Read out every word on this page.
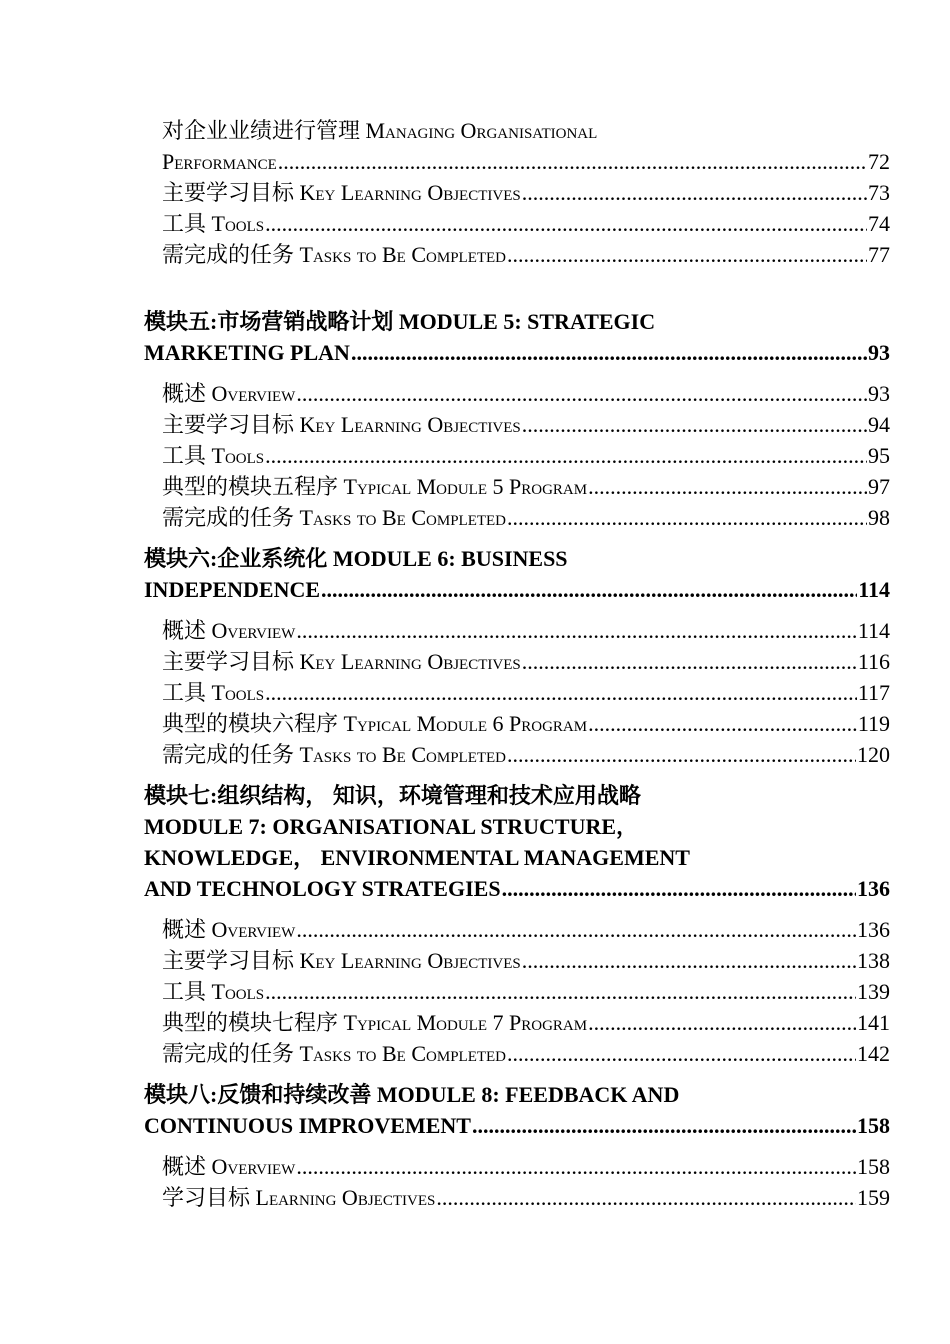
对企业业绩进行管理 Managing Organisational
Performance .....	72
主要学习目标 Key Learning Objectives .....	73
工具 Tools .....	74
需完成的任务 Tasks to Be Completed .....	77
模块五:市场营销战略计划 MODULE 5: STRATEGIC
MARKETING PLAN .....	93
概述 Overview .....	93
主要学习目标 Key Learning Objectives .....	94
工具 Tools .....	95
典型的模块五程序 Typical Module 5 Program .....	97
需完成的任务 Tasks to Be Completed .....	98
模块六:企业系统化 MODULE 6: BUSINESS
INDEPENDENCE .....	114
概述 Overview .....	114
主要学习目标 Key Learning Objectives .....	116
工具 Tools .....	117
典型的模块六程序 Typical Module 6 Program .....	119
需完成的任务 Tasks to Be Completed .....	120
模块七:组织结构， 知识，环境管理和技术应用战略
MODULE 7: ORGANISATIONAL STRUCTURE，
KNOWLEDGE， ENVIRONMENTAL MANAGEMENT
AND TECHNOLOGY STRATEGIES .....	136
概述 Overview .....	136
主要学习目标 Key Learning Objectives .....	138
工具 Tools .....	139
典型的模块七程序 Typical Module 7 Program .....	141
需完成的任务 Tasks to Be Completed .....	142
模块八:反馈和持续改善 MODULE 8: FEEDBACK AND
CONTINUOUS IMPROVEMENT .....	158
概述 Overview .....	158
学习目标 Learning Objectives .....	159
